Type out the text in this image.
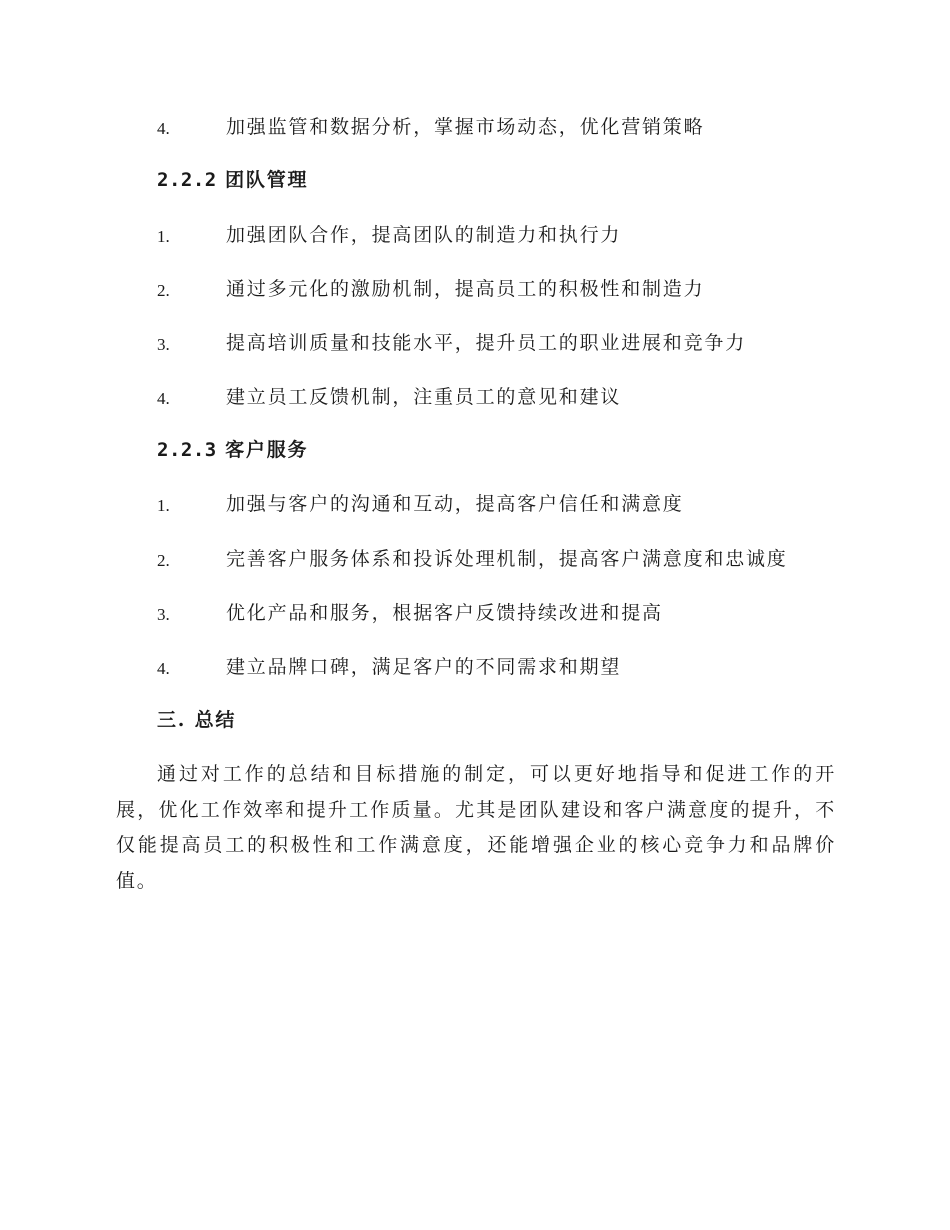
4.	加强监管和数据分析，掌握市场动态，优化营销策略
2.2.2 团队管理
1.	加强团队合作，提高团队的制造力和执行力
2.	通过多元化的激励机制，提高员工的积极性和制造力
3.	提高培训质量和技能水平，提升员工的职业进展和竞争力
4.	建立员工反馈机制，注重员工的意见和建议
2.2.3 客户服务
1.	加强与客户的沟通和互动，提高客户信任和满意度
2.	完善客户服务体系和投诉处理机制，提高客户满意度和忠诚度
3.	优化产品和服务，根据客户反馈持续改进和提高
4.	建立品牌口碑，满足客户的不同需求和期望
三. 总结
通过对工作的总结和目标措施的制定，可以更好地指导和促进工作的开展，优化工作效率和提升工作质量。尤其是团队建设和客户满意度的提升，不仅能提高员工的积极性和工作满意度，还能增强企业的核心竞争力和品牌价值。
